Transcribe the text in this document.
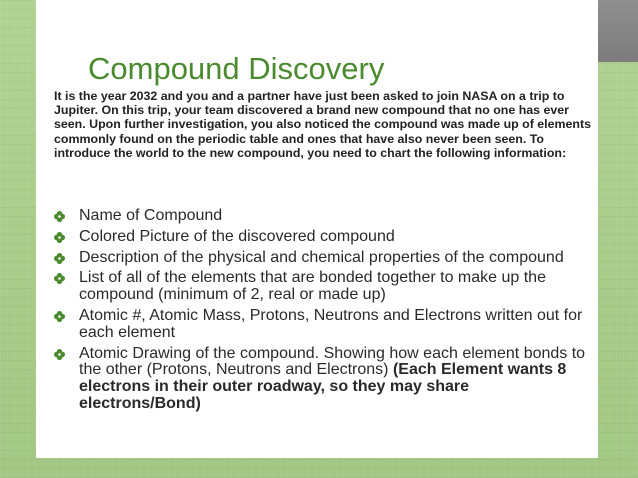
Compound Discovery
It is the year 2032 and you and a partner have just been asked to join NASA on a trip to Jupiter. On this trip, your team discovered a brand new compound that no one has ever seen. Upon further investigation, you also noticed the compound was made up of elements commonly found on the periodic table and ones that have also never been seen. To introduce the world to the new compound, you need to chart the following information:
Name of Compound
Colored Picture of the discovered compound
Description of the physical and chemical properties of the compound
List of all of the elements that are bonded together to make up the compound (minimum of 2, real or made up)
Atomic #, Atomic Mass, Protons, Neutrons and Electrons written out for each element
Atomic Drawing of the compound. Showing how each element bonds to the other (Protons, Neutrons and Electrons) (Each Element wants 8 electrons in their outer roadway, so they may share electrons/Bond)
